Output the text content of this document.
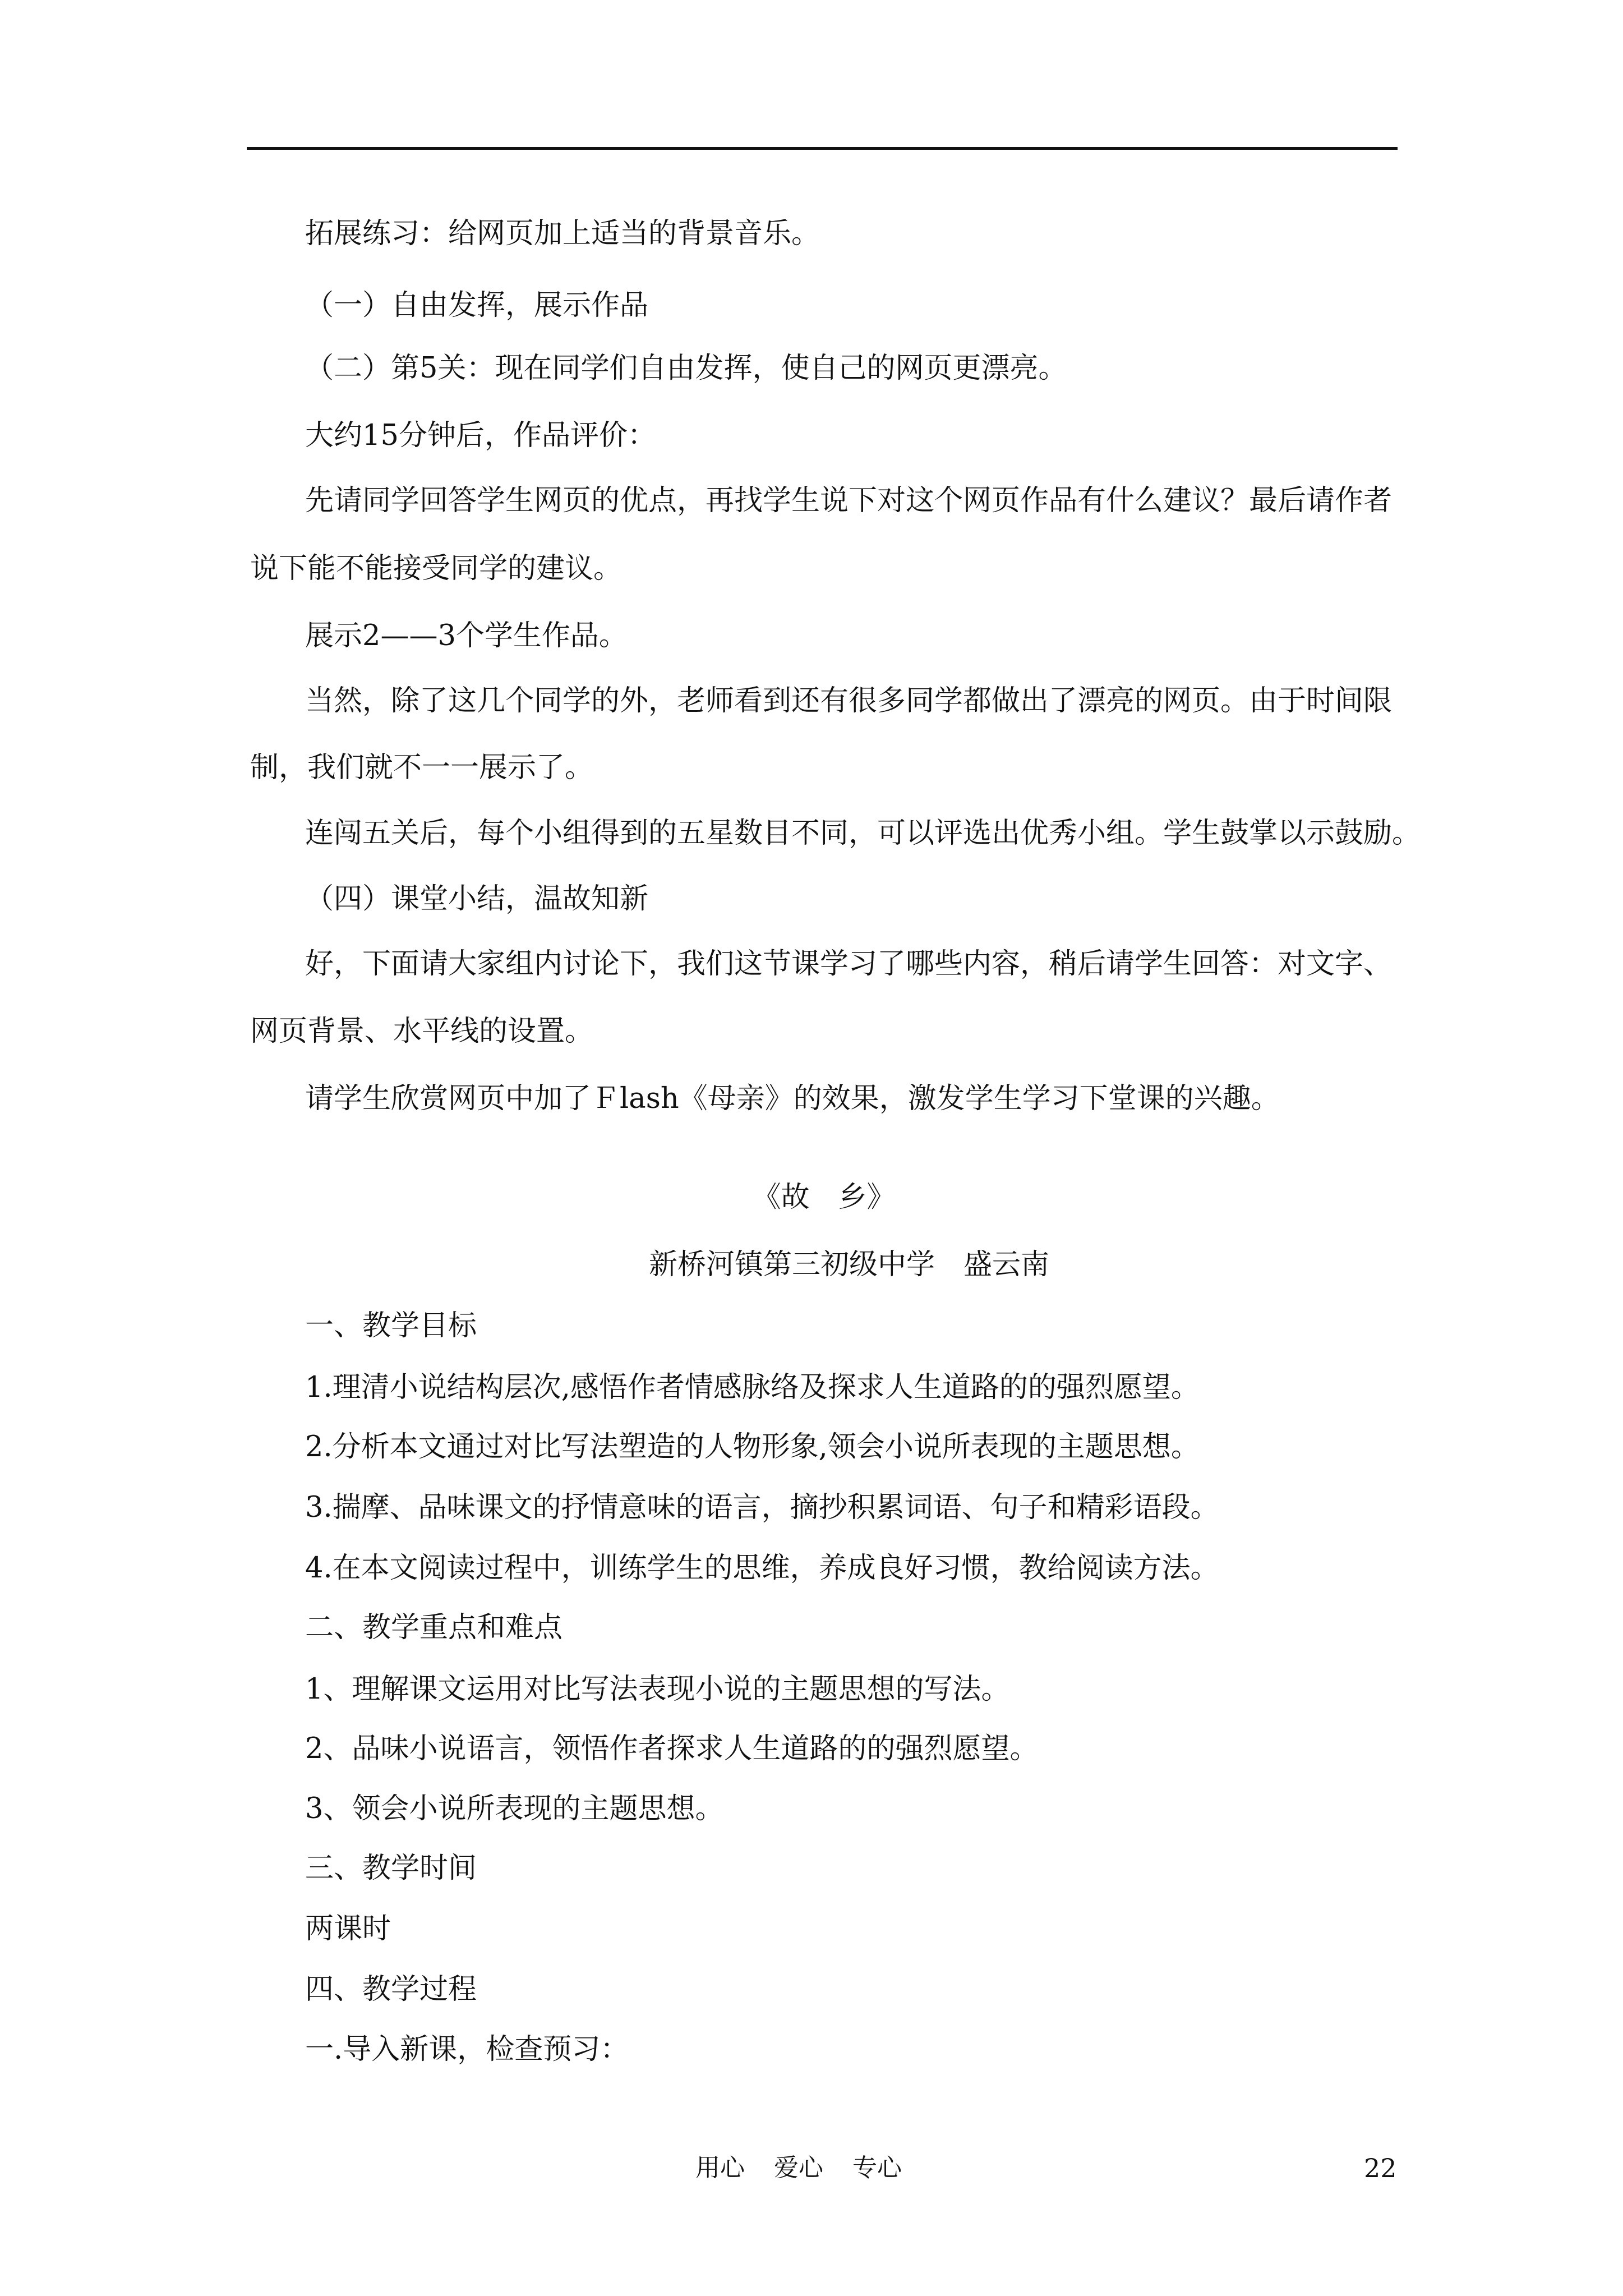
拓展练习：给网页加上适当的背景音乐。
（一）自由发挥，展示作品
（二）第5关：现在同学们自由发挥，使自己的网页更漂亮。
大约15分钟后，作品评价：
先请同学回答学生网页的优点，再找学生说下对这个网页作品有什么建议？最后请作者
说下能不能接受同学的建议。
展示2——3个学生作品。
当然，除了这几个同学的外，老师看到还有很多同学都做出了漂亮的网页。由于时间限
制，我们就不一一展示了。
连闯五关后，每个小组得到的五星数目不同，可以评选出优秀小组。学生鼓掌以示鼓励。
（四）课堂小结，温故知新
好，下面请大家组内讨论下，我们这节课学习了哪些内容，稍后请学生回答：对文字、
网页背景、水平线的设置。
请学生欣赏网页中加了Ｆlash《母亲》的效果，激发学生学习下堂课的兴趣。
《故　乡》
新桥河镇第三初级中学　盛云南
一、教学目标
1.理清小说结构层次,感悟作者情感脉络及探求人生道路的的强烈愿望。
2.分析本文通过对比写法塑造的人物形象,领会小说所表现的主题思想。
3.揣摩、品味课文的抒情意味的语言，摘抄积累词语、句子和精彩语段。
4.在本文阅读过程中，训练学生的思维，养成良好习惯，教给阅读方法。
二、教学重点和难点
1、理解课文运用对比写法表现小说的主题思想的写法。
2、品味小说语言，领悟作者探求人生道路的的强烈愿望。
3、领会小说所表现的主题思想。
三、教学时间
两课时
四、教学过程
一.导入新课，检查预习：
用心 爱心 专心	22
